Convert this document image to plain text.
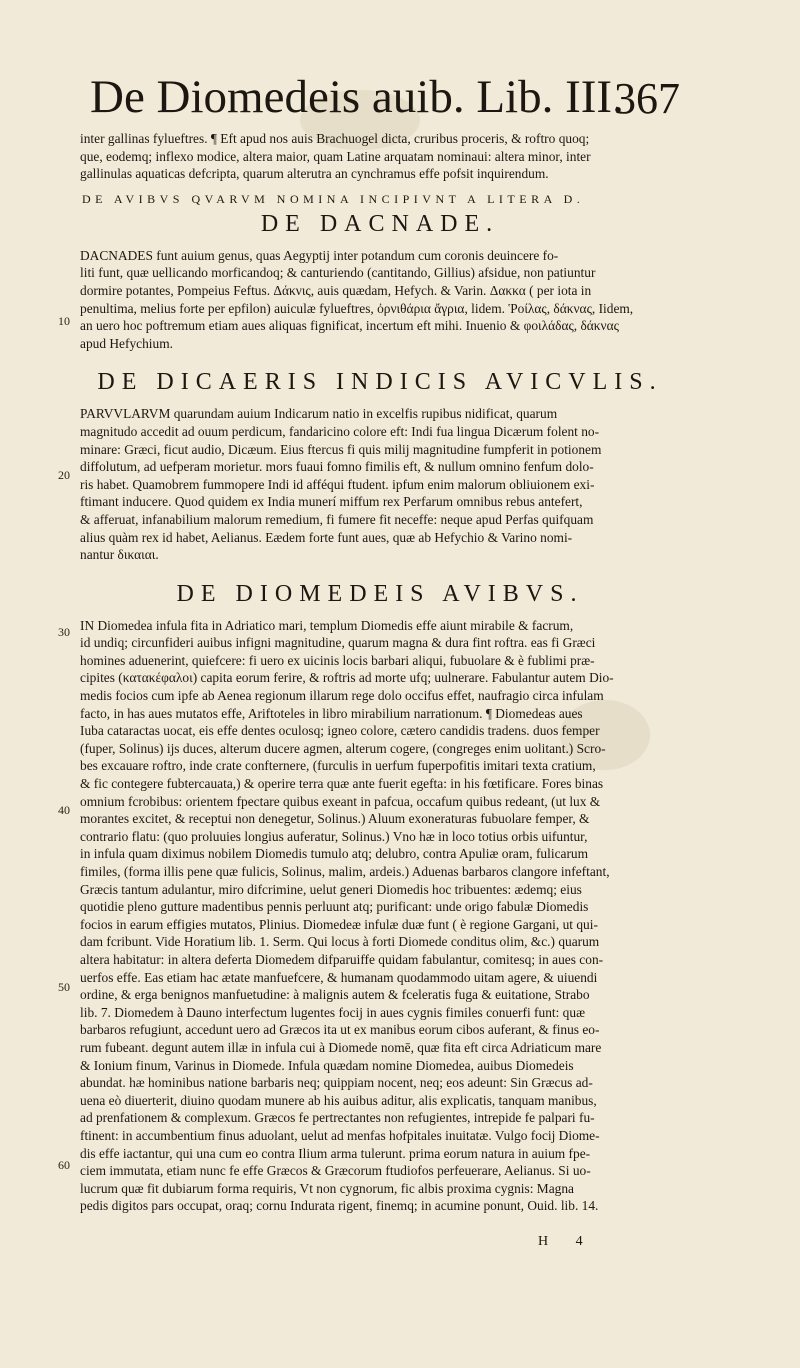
De Diomedeis auib. Lib. III.
367

inter gallinas fylueftres. ¶ Eft apud nos auis Brachuogel dicta, cruribus proceris, & roftro quoq;

que, eodemq; inflexo modice, altera maior, quam Latine arquatam nominaui: altera minor, inter

gallinulas aquaticas defcripta, quarum alterutra an cynchramus effe pofsit inquirendum.

DE AVIBVS QVARVM NOMINA INCIPIVNT A LITERA D.

DE DACNADE.

DACNADES funt auium genus, quas Aegyptij inter potandum cum coronis deuincere fo-

liti funt, quæ uellicando morficandoq; & canturiendo (cantitando, Gillius) afsidue, non patiuntur

dormire potantes, Pompeius Feftus. Δάκνις, auis quædam, Hefych. & Varin. Δακκα ( per iota in

penultima, melius forte per epfilon) auiculæ fylueftres, ὀρνιθάρια ἄγρια, lidem. Ῥοίλας, δάκνας, Iidem,

an uero hoc poftremum etiam aues aliquas fignificat, incertum eft mihi. Inuenio & φοιλάδας, δάκνας

apud Hefychium.

DE DICAERIS INDICIS AVICVLIS.

PARVVLARVM quarundam auium Indicarum natio in excelfis rupibus nidificat, quarum

magnitudo accedit ad ouum perdicum, fandaricino colore eft: Indi fua lingua Dicærum folent no-

minare: Græci, ficut audio, Dicæum. Eius ftercus fi quis milij magnitudine fumpferit in potionem

diffolutum, ad uefperam morietur. mors fuaui fomno fimilis eft, & nullum omnino fenfum dolo-

ris habet. Quamobrem fummopere Indi id afféqui ftudent. ipfum enim malorum obliuionem exi-

ftimant inducere. Quod quidem ex India munerí miffum rex Perfarum omnibus rebus antefert,

& afferuat, infanabilium malorum remedium, fi fumere fit neceffe: neque apud Perfas quifquam

alius quàm rex id habet, Aelianus. Eædem forte funt aues, quæ ab Hefychio & Varino nomi-

nantur δικαιαι.

DE DIOMEDEIS AVIBVS.

IN Diomedea infula fita in Adriatico mari, templum Diomedis effe aiunt mirabile & facrum,

id undiq; circunfideri auibus infigni magnitudine, quarum magna & dura fint roftra. eas fi Græci

homines aduenerint, quiefcere: fi uero ex uicinis locis barbari aliqui, fubuolare & è fublimi præ-

cipites (κατακέφαλοι) capita eorum ferire, & roftris ad morte ufq; uulnerare. Fabulantur autem Dio-

medis focios cum ipfe ab Aenea regionum illarum rege dolo occifus effet, naufragio circa infulam

facto, in has aues mutatos effe, Ariftoteles in libro mirabilium narrationum. ¶ Diomedeas aues

Iuba cataractas uocat, eis effe dentes oculosq; igneo colore, cætero candidis tradens. duos femper

(fuper, Solinus) ijs duces, alterum ducere agmen, alterum cogere, (congreges enim uolitant.) Scro-

bes excauare roftro, inde crate confternere, (furculis in uerfum fuperpofitis imitari texta cratium,

& fic contegere fubtercauata,) & operire terra quæ ante fuerit egefta: in his fœtificare. Fores binas

omnium fcrobibus: orientem fpectare quibus exeant in pafcua, occafum quibus redeant, (ut lux &

morantes excitet, & receptui non denegetur, Solinus.) Aluum exoneraturas fubuolare femper, &

contrario flatu: (quo proluuies longius auferatur, Solinus.) Vno hæ in loco totius orbis uifuntur,

in infula quam diximus nobilem Diomedis tumulo atq; delubro, contra Apuliæ oram, fulicarum

fimiles, (forma illis pene quæ fulicis, Solinus, malim, ardeis.) Aduenas barbaros clangore infeftant,

Græcis tantum adulantur, miro difcrimine, uelut generi Diomedis hoc tribuentes: ædemq; eius

quotidie pleno gutture madentibus pennis perluunt atq; purificant: unde origo fabulæ Diomedis

focios in earum effigies mutatos, Plinius. Diomedeæ infulæ duæ funt ( è regione Gargani, ut qui-

dam fcribunt. Vide Horatium lib. 1. Serm. Qui locus à forti Diomede conditus olim, &c.) quarum

altera habitatur: in altera deferta Diomedem difparuiffe quidam fabulantur, comitesq; in aues con-

uerfos effe. Eas etiam hac ætate manfuefcere, & humanam quodammodo uitam agere, & uiuendi

ordine, & erga benignos manfuetudine: à malignis autem & fceleratis fuga & euitatione, Strabo

lib. 7. Diomedem à Dauno interfectum lugentes focij in aues cygnis fimiles conuerfi funt: quæ

barbaros refugiunt, accedunt uero ad Græcos ita ut ex manibus eorum cibos auferant, & finus eo-

rum fubeant. degunt autem illæ in infula cui à Diomede nomē, quæ fita eft circa Adriaticum mare

& Ionium finum, Varinus in Diomede. Infula quædam nomine Diomedea, auibus Diomedeis

abundat. hæ hominibus natione barbaris neq; quippiam nocent, neq; eos adeunt: Sin Græcus ad-

uena eò diuerterit, diuino quodam munere ab his auibus aditur, alis explicatis, tanquam manibus,

ad prenfationem & complexum. Græcos fe pertrectantes non refugientes, intrepide fe palpari fu-

ftinent: in accumbentium finus aduolant, uelut ad menfas hofpitales inuitatæ. Vulgo focij Diome-

dis effe iactantur, qui una cum eo contra Ilium arma tulerunt. prima eorum natura in auium fpe-

ciem immutata, etiam nunc fe effe Græcos & Græcorum ftudiofos perfeuerare, Aelianus. Si uo-

lucrum quæ fit dubiarum forma requiris, Vt non cygnorum, fic albis proxima cygnis: Magna

pedis digitos pars occupat, oraq; cornu Indurata rigent, finemq; in acumine ponunt, Ouid. lib. 14.

10
20
30
40
50
60
H 4
